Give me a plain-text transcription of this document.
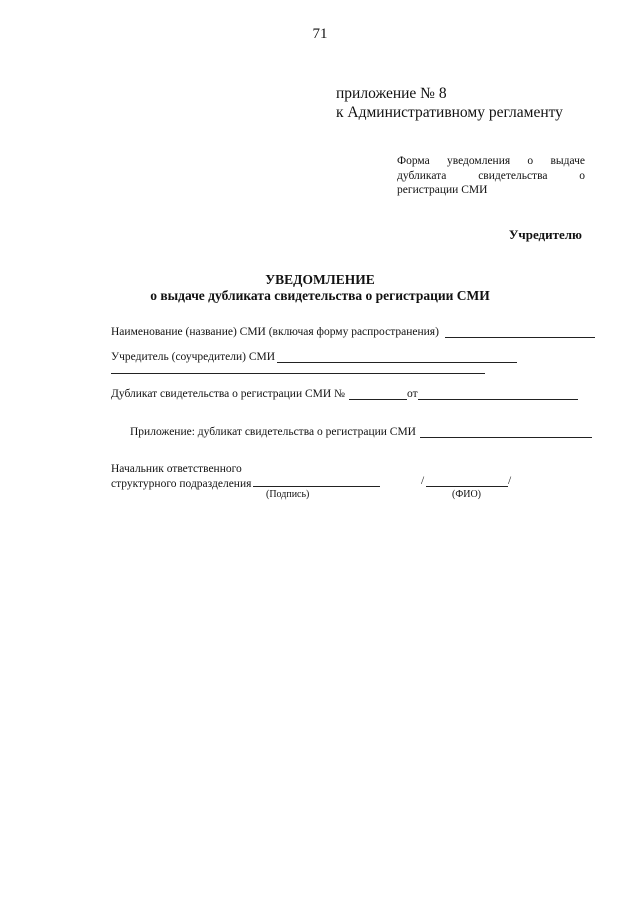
71
приложение № 8
к Административному регламенту
Форма уведомления о выдаче
дубликата	свидетельства	о
регистрации СМИ
Учредителю
УВЕДОМЛЕНИЕ
о выдаче дубликата свидетельства о регистрации СМИ
Наименование (название) СМИ (включая форму распространения)
Учредитель (соучредители) СМИ
Дубликат свидетельства о регистрации СМИ №	от
Приложение: дубликат свидетельства о регистрации СМИ
Начальник ответственного
структурного подразделения
(Подпись)
/	/
(ФИО)
